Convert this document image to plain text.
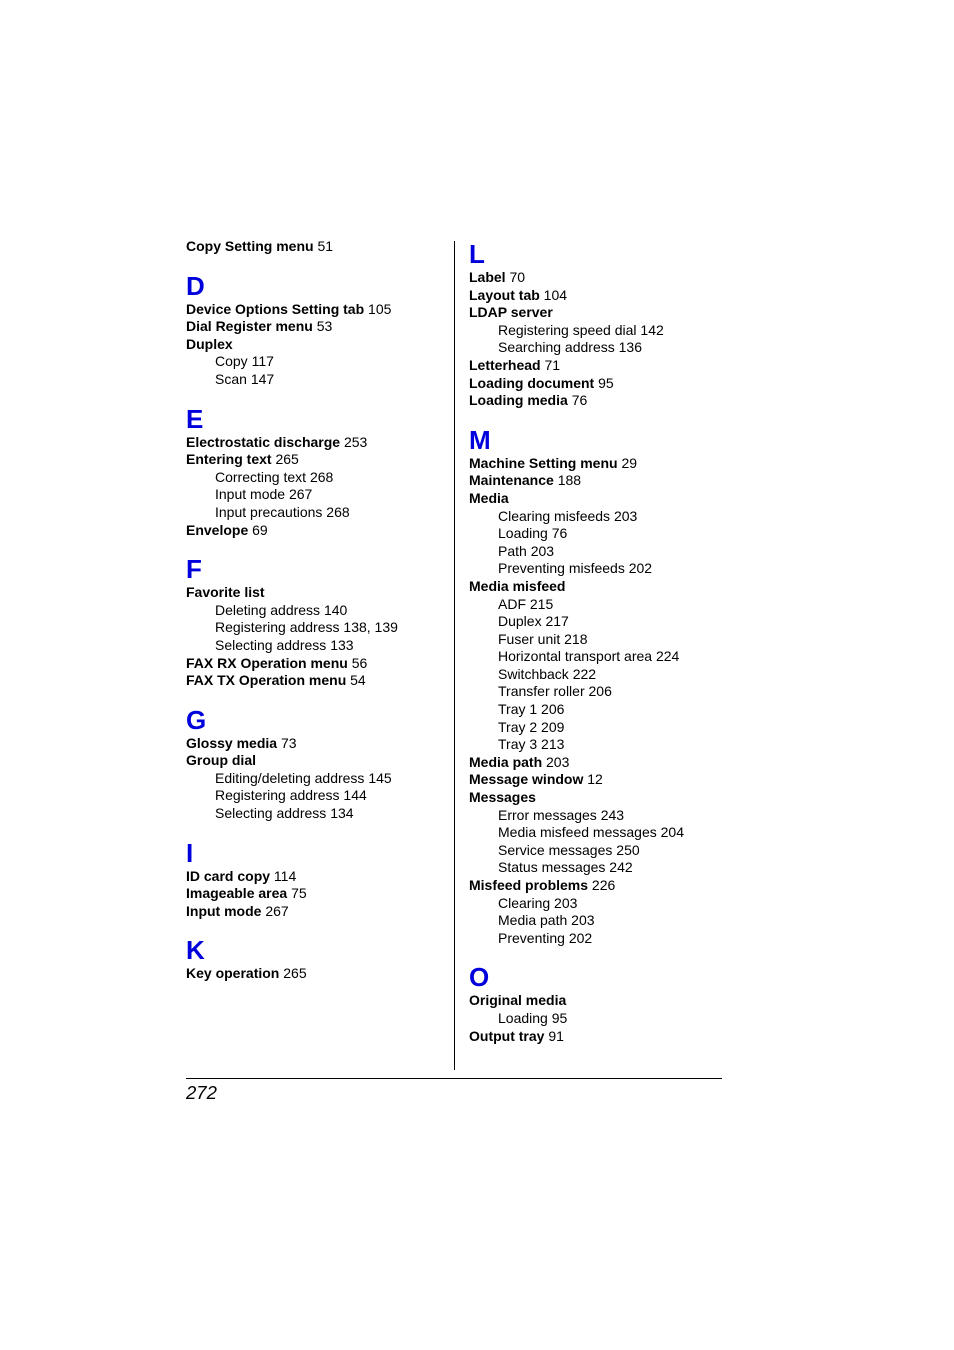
Copy Setting menu 51
D
Device Options Setting tab 105
Dial Register menu 53
Duplex
Copy 117
Scan 147
E
Electrostatic discharge 253
Entering text 265
Correcting text 268
Input mode 267
Input precautions 268
Envelope 69
F
Favorite list
Deleting address 140
Registering address 138, 139
Selecting address 133
FAX RX Operation menu 56
FAX TX Operation menu 54
G
Glossy media 73
Group dial
Editing/deleting address 145
Registering address 144
Selecting address 134
I
ID card copy 114
Imageable area 75
Input mode 267
K
Key operation 265
L
Label 70
Layout tab 104
LDAP server
Registering speed dial 142
Searching address 136
Letterhead 71
Loading document 95
Loading media 76
M
Machine Setting menu 29
Maintenance 188
Media
Clearing misfeeds 203
Loading 76
Path 203
Preventing misfeeds 202
Media misfeed
ADF 215
Duplex 217
Fuser unit 218
Horizontal transport area 224
Switchback 222
Transfer roller 206
Tray 1 206
Tray 2 209
Tray 3 213
Media path 203
Message window 12
Messages
Error messages 243
Media misfeed messages 204
Service messages 250
Status messages 242
Misfeed problems 226
Clearing 203
Media path 203
Preventing 202
O
Original media
Loading 95
Output tray 91
272
